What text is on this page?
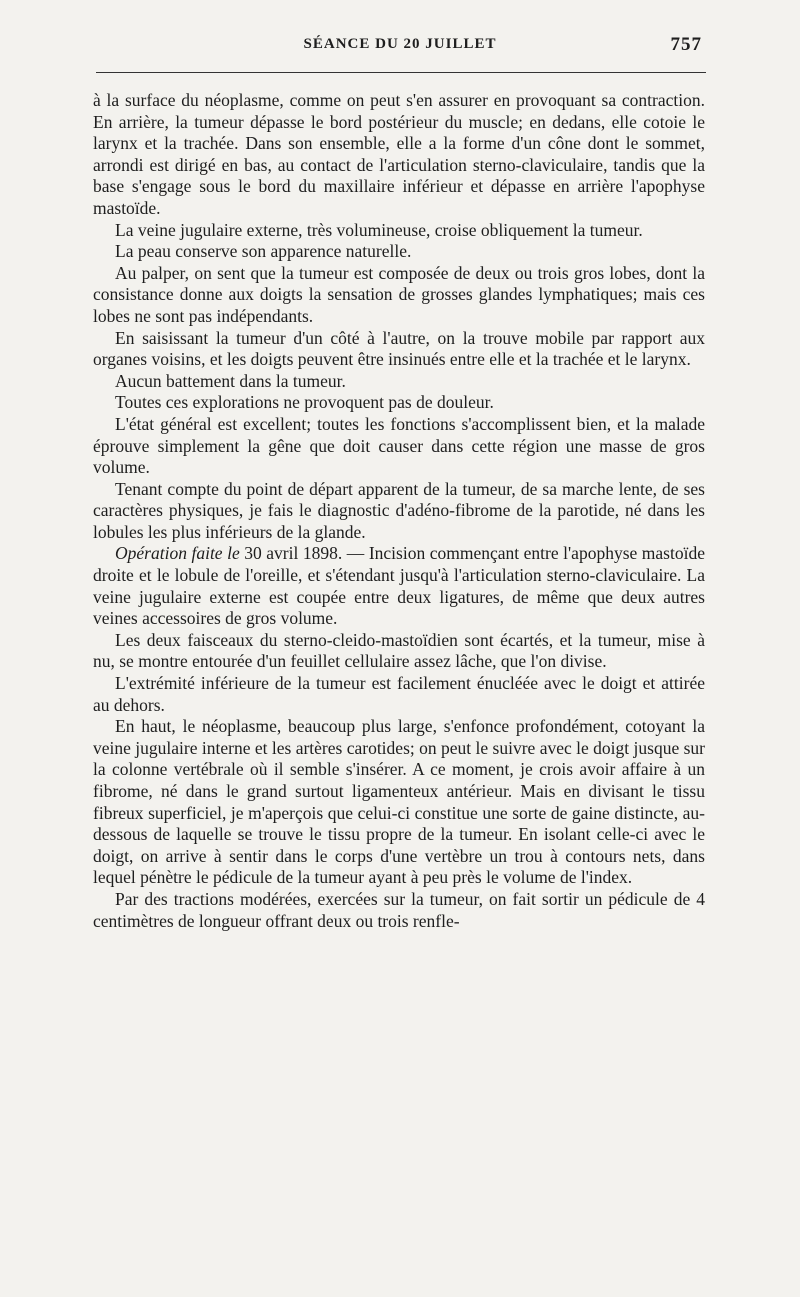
SÉANCE DU 20 JUILLET	757

à la surface du néoplasme, comme on peut s'en assurer en provoquant sa contraction. En arrière, la tumeur dépasse le bord postérieur du muscle; en dedans, elle cotoie le larynx et la trachée. Dans son ensemble, elle a la forme d'un cône dont le sommet, arrondi est dirigé en bas, au contact de l'articulation sterno-claviculaire, tandis que la base s'engage sous le bord du maxillaire inférieur et dépasse en arrière l'apophyse mastoïde.

La veine jugulaire externe, très volumineuse, croise obliquement la tumeur.

La peau conserve son apparence naturelle.

Au palper, on sent que la tumeur est composée de deux ou trois gros lobes, dont la consistance donne aux doigts la sensation de grosses glandes lymphatiques; mais ces lobes ne sont pas indépendants.

En saisissant la tumeur d'un côté à l'autre, on la trouve mobile par rapport aux organes voisins, et les doigts peuvent être insinués entre elle et la trachée et le larynx.

Aucun battement dans la tumeur.

Toutes ces explorations ne provoquent pas de douleur.

L'état général est excellent; toutes les fonctions s'accomplissent bien, et la malade éprouve simplement la gêne que doit causer dans cette région une masse de gros volume.

Tenant compte du point de départ apparent de la tumeur, de sa marche lente, de ses caractères physiques, je fais le diagnostic d'adéno-fibrome de la parotide, né dans les lobules les plus inférieurs de la glande.

Opération faite le 30 avril 1898. — Incision commençant entre l'apophyse mastoïde droite et le lobule de l'oreille, et s'étendant jusqu'à l'articulation sterno-claviculaire. La veine jugulaire externe est coupée entre deux ligatures, de même que deux autres veines accessoires de gros volume.

Les deux faisceaux du sterno-cleido-mastoïdien sont écartés, et la tumeur, mise à nu, se montre entourée d'un feuillet cellulaire assez lâche, que l'on divise.

L'extrémité inférieure de la tumeur est facilement énucléée avec le doigt et attirée au dehors.

En haut, le néoplasme, beaucoup plus large, s'enfonce profondément, cotoyant la veine jugulaire interne et les artères carotides; on peut le suivre avec le doigt jusque sur la colonne vertébrale où il semble s'insérer. A ce moment, je crois avoir affaire à un fibrome, né dans le grand surtout ligamenteux antérieur. Mais en divisant le tissu fibreux superficiel, je m'aperçois que celui-ci constitue une sorte de gaine distincte, au-dessous de laquelle se trouve le tissu propre de la tumeur. En isolant celle-ci avec le doigt, on arrive à sentir dans le corps d'une vertèbre un trou à contours nets, dans lequel pénètre le pédicule de la tumeur ayant à peu près le volume de l'index.

Par des tractions modérées, exercées sur la tumeur, on fait sortir un pédicule de 4 centimètres de longueur offrant deux ou trois renfle-
